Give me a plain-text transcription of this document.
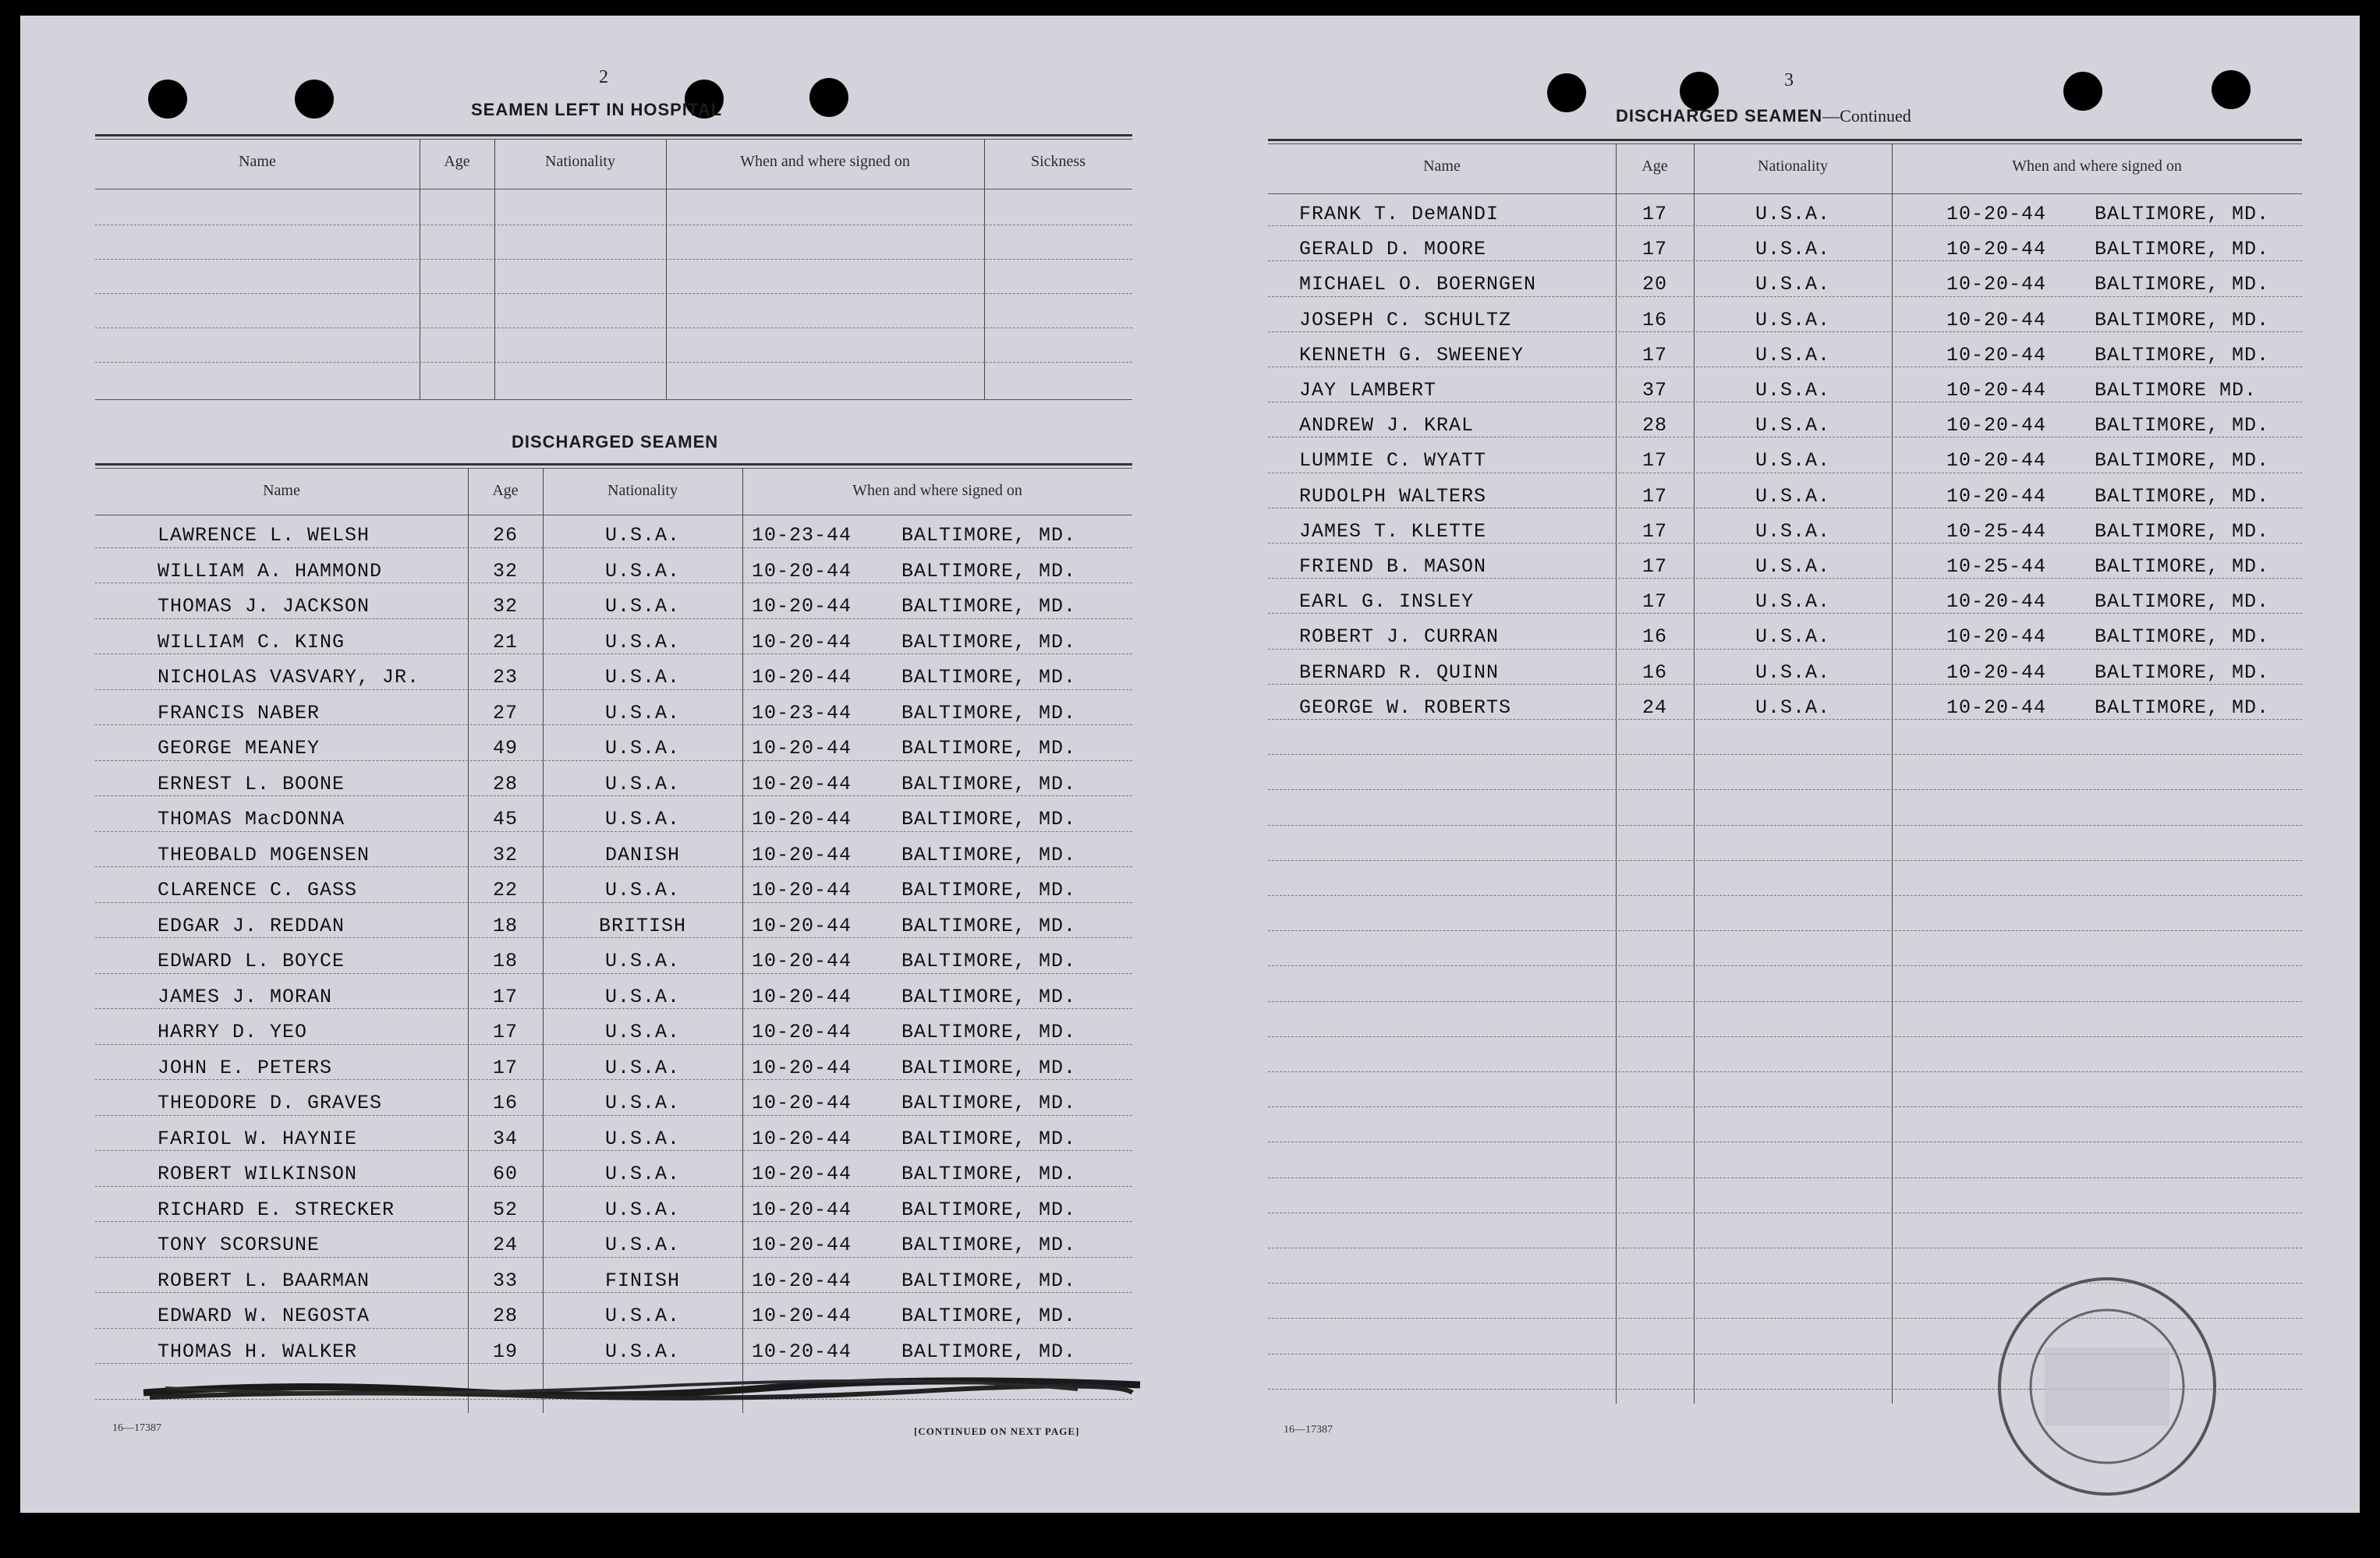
2
SEAMEN LEFT IN HOSPITAL
Name	Age	Nationality	When and where signed on	Sickness
DISCHARGED SEAMEN
Name	Age	Nationality	When and where signed on
LAWRENCE L. WELSH	26	U.S.A.	10-23-44	BALTIMORE, MD.
WILLIAM A. HAMMOND	32	U.S.A.	10-20-44	BALTIMORE, MD.
THOMAS J. JACKSON	32	U.S.A.	10-20-44	BALTIMORE, MD.
WILLIAM C. KING	21	U.S.A.	10-20-44	BALTIMORE, MD.
NICHOLAS VASVARY, JR.	23	U.S.A.	10-20-44	BALTIMORE, MD.
FRANCIS NABER	27	U.S.A.	10-23-44	BALTIMORE, MD.
GEORGE MEANEY	49	U.S.A.	10-20-44	BALTIMORE, MD.
ERNEST L. BOONE	28	U.S.A.	10-20-44	BALTIMORE, MD.
THOMAS MacDONNA	45	U.S.A.	10-20-44	BALTIMORE, MD.
THEOBALD MOGENSEN	32	DANISH	10-20-44	BALTIMORE, MD.
CLARENCE C. GASS	22	U.S.A.	10-20-44	BALTIMORE, MD.
EDGAR J. REDDAN	18	BRITISH	10-20-44	BALTIMORE, MD.
EDWARD L. BOYCE	18	U.S.A.	10-20-44	BALTIMORE, MD.
JAMES J. MORAN	17	U.S.A.	10-20-44	BALTIMORE, MD.
HARRY D. YEO	17	U.S.A.	10-20-44	BALTIMORE, MD.
JOHN E. PETERS	17	U.S.A.	10-20-44	BALTIMORE, MD.
THEODORE D. GRAVES	16	U.S.A.	10-20-44	BALTIMORE, MD.
FARIOL W. HAYNIE	34	U.S.A.	10-20-44	BALTIMORE, MD.
ROBERT WILKINSON	60	U.S.A.	10-20-44	BALTIMORE, MD.
RICHARD E. STRECKER	52	U.S.A.	10-20-44	BALTIMORE, MD.
TONY SCORSUNE	24	U.S.A.	10-20-44	BALTIMORE, MD.
ROBERT L. BAARMAN	33	FINISH	10-20-44	BALTIMORE, MD.
EDWARD W. NEGOSTA	28	U.S.A.	10-20-44	BALTIMORE, MD.
THOMAS H. WALKER	19	U.S.A.	10-20-44	BALTIMORE, MD.
16—17387	[CONTINUED ON NEXT PAGE]
3
DISCHARGED SEAMEN—Continued
Name	Age	Nationality	When and where signed on
FRANK T. DeMANDI	17	U.S.A.	10-20-44 BALTIMORE, MD.
GERALD D. MOORE	17	U.S.A.	10-20-44 BALTIMORE, MD.
MICHAEL O. BOERNGEN	20	U.S.A.	10-20-44 BALTIMORE, MD.
JOSEPH C. SCHULTZ	16	U.S.A.	10-20-44 BALTIMORE, MD.
KENNETH G. SWEENEY	17	U.S.A.	10-20-44 BALTIMORE, MD.
JAY LAMBERT	37	U.S.A.	10-20-44 BALTIMORE MD.
ANDREW J. KRAL	28	U.S.A.	10-20-44 BALTIMORE, MD.
LUMMIE C. WYATT	17	U.S.A.	10-20-44 BALTIMORE, MD.
RUDOLPH WALTERS	17	U.S.A.	10-20-44 BALTIMORE, MD.
JAMES T. KLETTE	17	U.S.A.	10-25-44 BALTIMORE, MD.
FRIEND B. MASON	17	U.S.A.	10-25-44 BALTIMORE, MD.
EARL G. INSLEY	17	U.S.A.	10-20-44 BALTIMORE, MD.
ROBERT J. CURRAN	16	U.S.A.	10-20-44 BALTIMORE, MD.
BERNARD R. QUINN	16	U.S.A.	10-20-44 BALTIMORE, MD.
GEORGE W. ROBERTS	24	U.S.A.	10-20-44 BALTIMORE, MD.
16—17387
